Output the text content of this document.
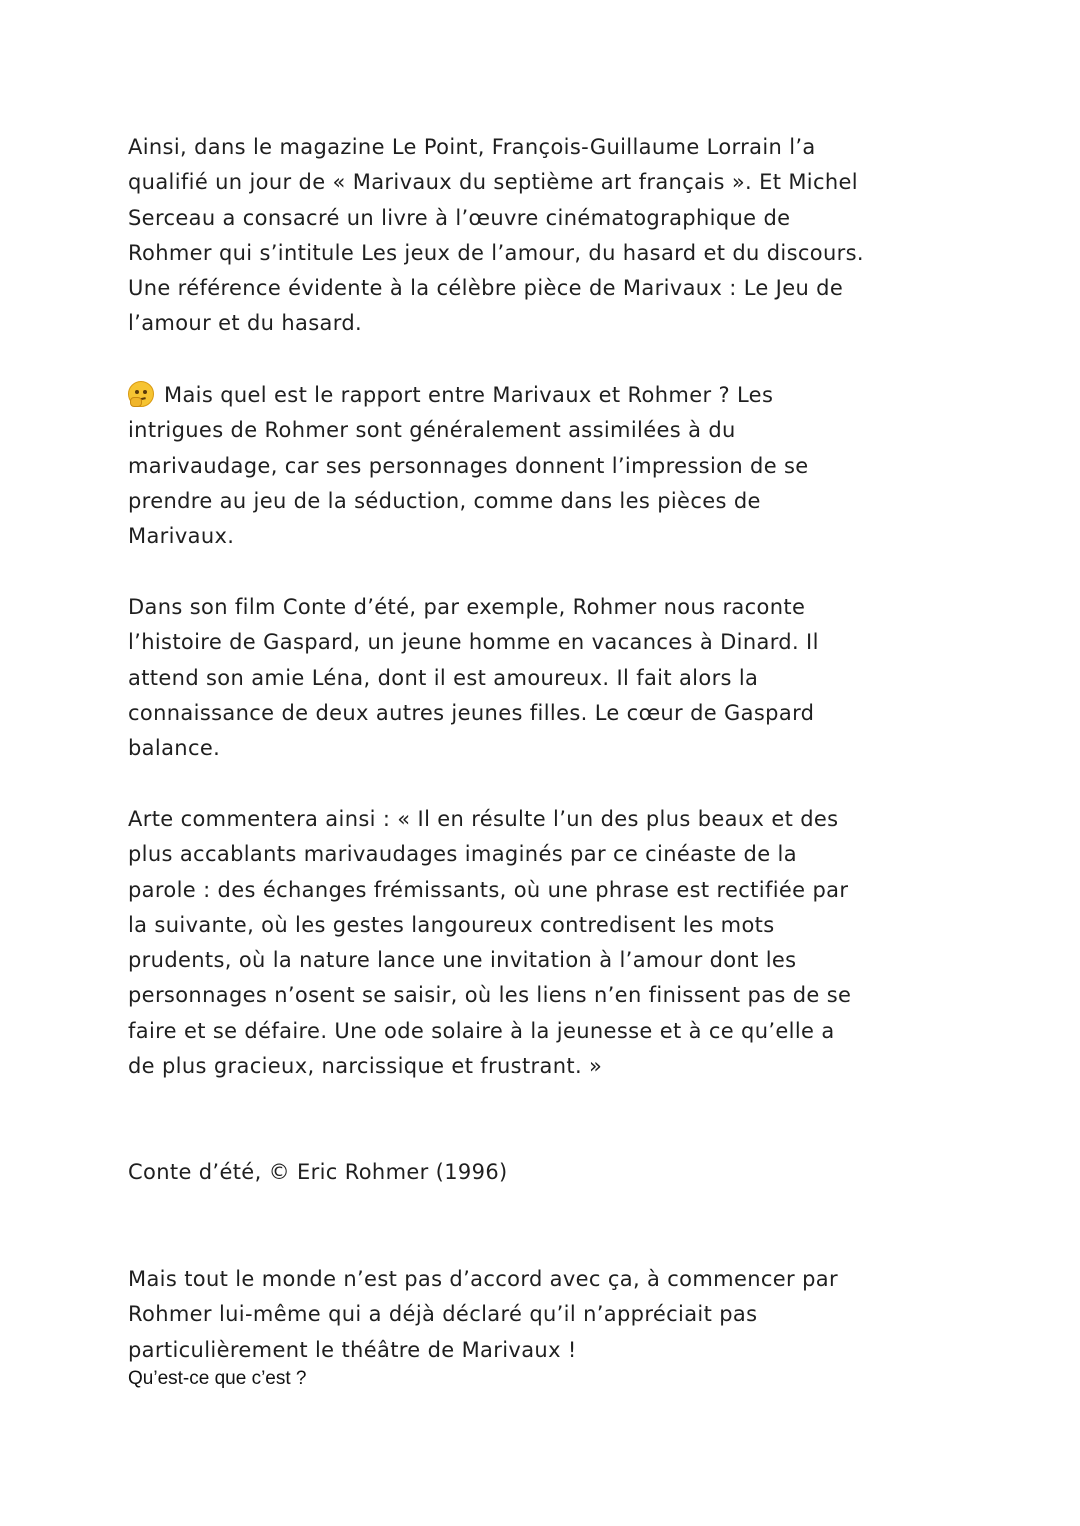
Ainsi, dans le magazine Le Point, François-Guillaume Lorrain l’a
qualifié un jour de « Marivaux du septième art français ». Et Michel
Serceau a consacré un livre à l’œuvre cinématographique de
Rohmer qui s’intitule Les jeux de l’amour, du hasard et du discours.
Une référence évidente à la célèbre pièce de Marivaux : Le Jeu de
l’amour et du hasard.
Mais quel est le rapport entre Marivaux et Rohmer ? Les
intrigues de Rohmer sont généralement assimilées à du
marivaudage, car ses personnages donnent l’impression de se
prendre au jeu de la séduction, comme dans les pièces de
Marivaux.
Dans son film Conte d’été, par exemple, Rohmer nous raconte
l’histoire de Gaspard, un jeune homme en vacances à Dinard. Il
attend son amie Léna, dont il est amoureux. Il fait alors la
connaissance de deux autres jeunes filles. Le cœur de Gaspard
balance.
Arte commentera ainsi : « Il en résulte l’un des plus beaux et des
plus accablants marivaudages imaginés par ce cinéaste de la
parole : des échanges frémissants, où une phrase est rectifiée par
la suivante, où les gestes langoureux contredisent les mots
prudents, où la nature lance une invitation à l’amour dont les
personnages n’osent se saisir, où les liens n’en finissent pas de se
faire et se défaire. Une ode solaire à la jeunesse et à ce qu’elle a
de plus gracieux, narcissique et frustrant. »
Conte d’été, © Eric Rohmer (1996)
Mais tout le monde n’est pas d’accord avec ça, à commencer par
Rohmer lui-même qui a déjà déclaré qu’il n’appréciait pas
particulièrement le théâtre de Marivaux !
Qu’est-ce que c’est ?
